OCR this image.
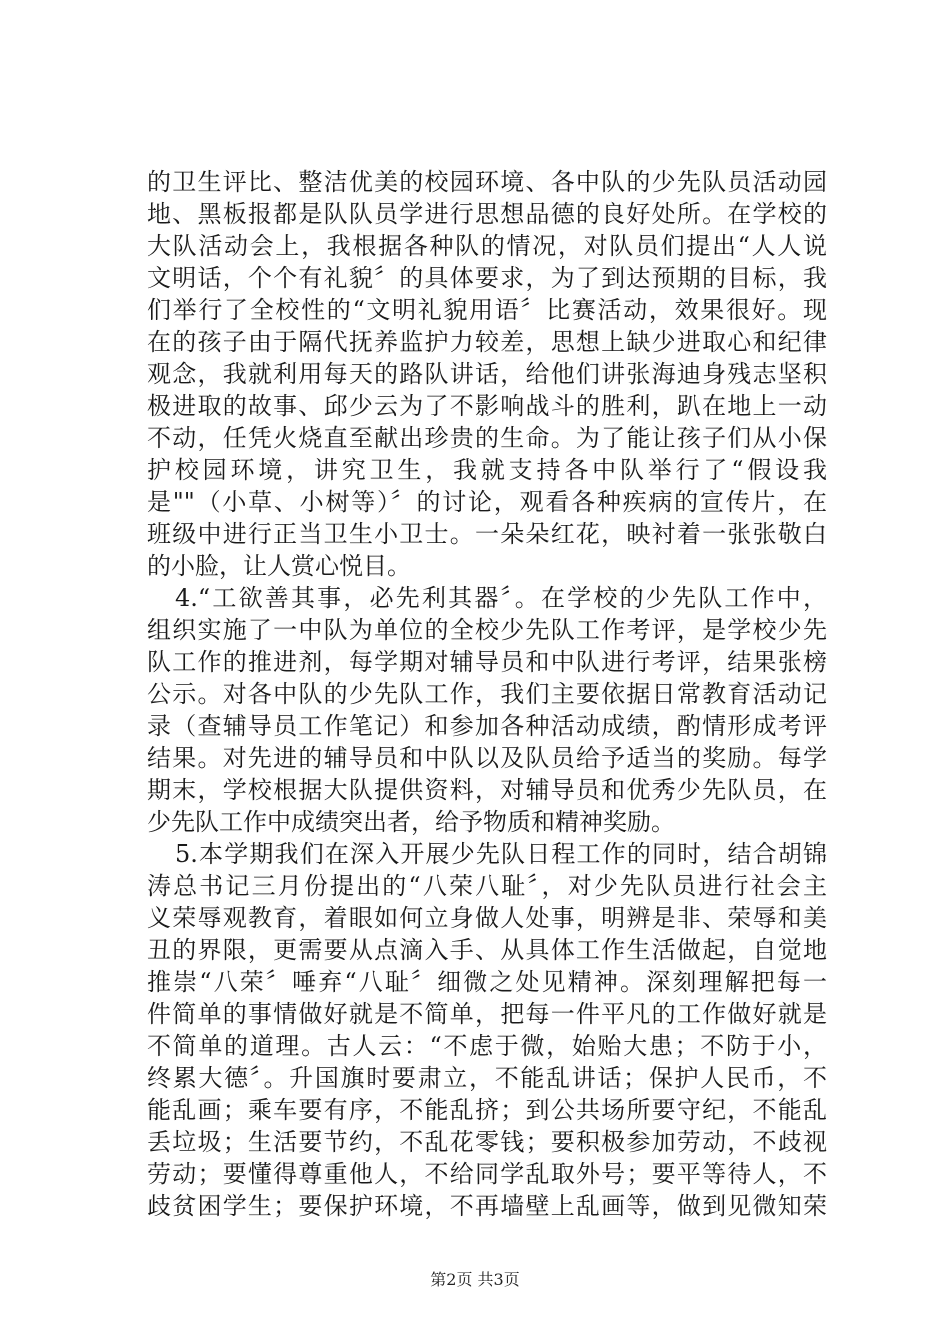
的卫生评比、整洁优美的校园环境、各中队的少先队员活动园
地、黑板报都是队队员学进行思想品德的良好处所。在学校的
大队活动会上，我根据各种队的情况，对队员们提出“人人说
文明话，个个有礼貌〞的具体要求，为了到达预期的目标，我
们举行了全校性的“文明礼貌用语〞比赛活动，效果很好。现
在的孩子由于隔代抚养监护力较差，思想上缺少进取心和纪律
观念，我就利用每天的路队讲话，给他们讲张海迪身残志坚积
极进取的故事、邱少云为了不影响战斗的胜利，趴在地上一动
不动，任凭火烧直至献出珍贵的生命。为了能让孩子们从小保
护校园环境，讲究卫生，我就支持各中队举行了“假设我
是""（小草、小树等）〞的讨论，观看各种疾病的宣传片，在
班级中进行正当卫生小卫士。一朵朵红花，映衬着一张张敬白
的小脸，让人赏心悦目。
4.“工欲善其事，必先利其器〞。在学校的少先队工作中，
组织实施了一中队为单位的全校少先队工作考评，是学校少先
队工作的推进剂，每学期对辅导员和中队进行考评，结果张榜
公示。对各中队的少先队工作，我们主要依据日常教育活动记
录（查辅导员工作笔记）和参加各种活动成绩，酌情形成考评
结果。对先进的辅导员和中队以及队员给予适当的奖励。每学
期末，学校根据大队提供资料，对辅导员和优秀少先队员，在
少先队工作中成绩突出者，给予物质和精神奖励。
5.本学期我们在深入开展少先队日程工作的同时，结合胡锦
涛总书记三月份提出的“八荣八耻〞，对少先队员进行社会主
义荣辱观教育，着眼如何立身做人处事，明辨是非、荣辱和美
丑的界限，更需要从点滴入手、从具体工作生活做起，自觉地
推崇“八荣〞唾弃“八耻〞细微之处见精神。深刻理解把每一
件简单的事情做好就是不简单，把每一件平凡的工作做好就是
不简单的道理。古人云：“不虑于微，始贻大患；不防于小，
终累大德〞。升国旗时要肃立，不能乱讲话；保护人民币，不
能乱画；乘车要有序，不能乱挤；到公共场所要守纪，不能乱
丢垃圾；生活要节约，不乱花零钱；要积极参加劳动，不歧视
劳动；要懂得尊重他人，不给同学乱取外号；要平等待人，不
歧贫困学生；要保护环境，不再墙壁上乱画等，做到见微知荣
第2页 共3页
